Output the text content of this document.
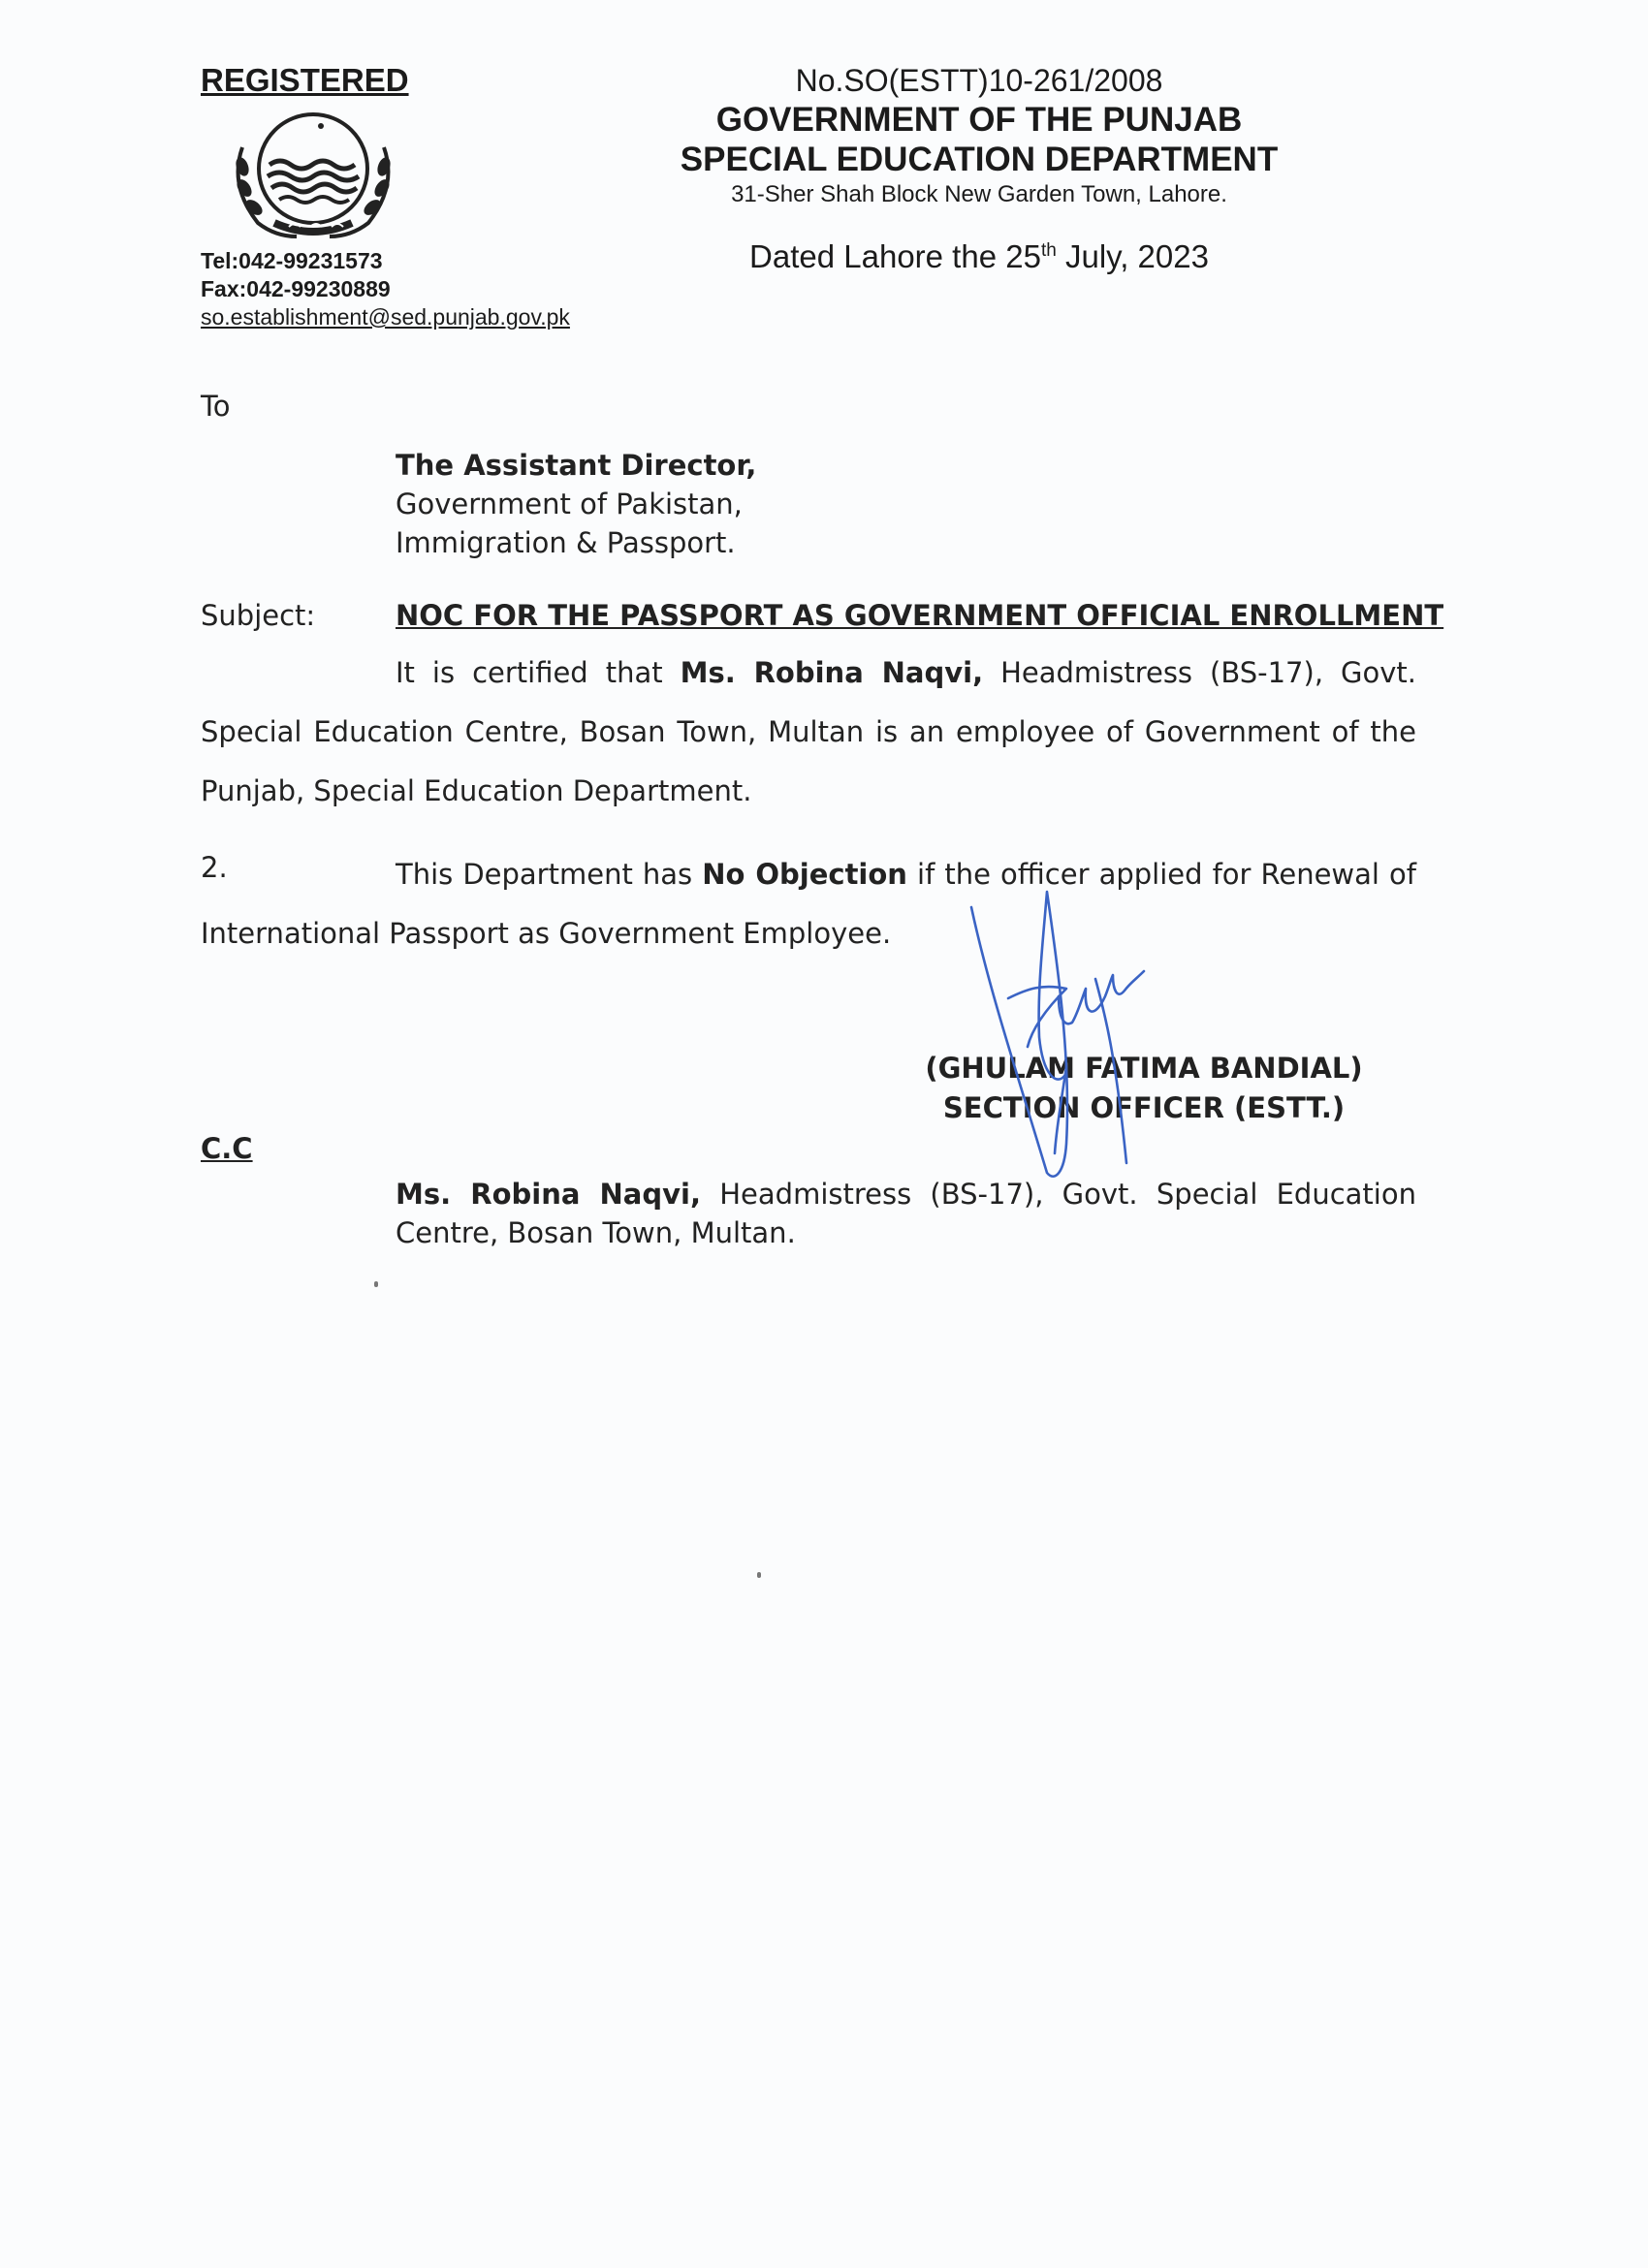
REGISTERED
Tel:042-99231573
Fax:042-99230889
so.establishment@sed.punjab.gov.pk
No.SO(ESTT)10-261/2008
GOVERNMENT OF THE PUNJAB
SPECIAL EDUCATION DEPARTMENT
31-Sher Shah Block New Garden Town, Lahore.
Dated Lahore the 25th July, 2023
To
The Assistant Director,
Government of Pakistan,
Immigration & Passport.
Subject:	NOC FOR THE PASSPORT AS GOVERNMENT OFFICIAL ENROLLMENT
It is certified that Ms. Robina Naqvi, Headmistress (BS-17), Govt. Special Education Centre, Bosan Town, Multan is an employee of Government of the Punjab, Special Education Department.
2.	This Department has No Objection if the officer applied for Renewal of International Passport as Government Employee.
(GHULAM FATIMA BANDIAL)
SECTION OFFICER (ESTT.)
C.C
Ms. Robina Naqvi, Headmistress (BS-17), Govt. Special Education Centre, Bosan Town, Multan.
